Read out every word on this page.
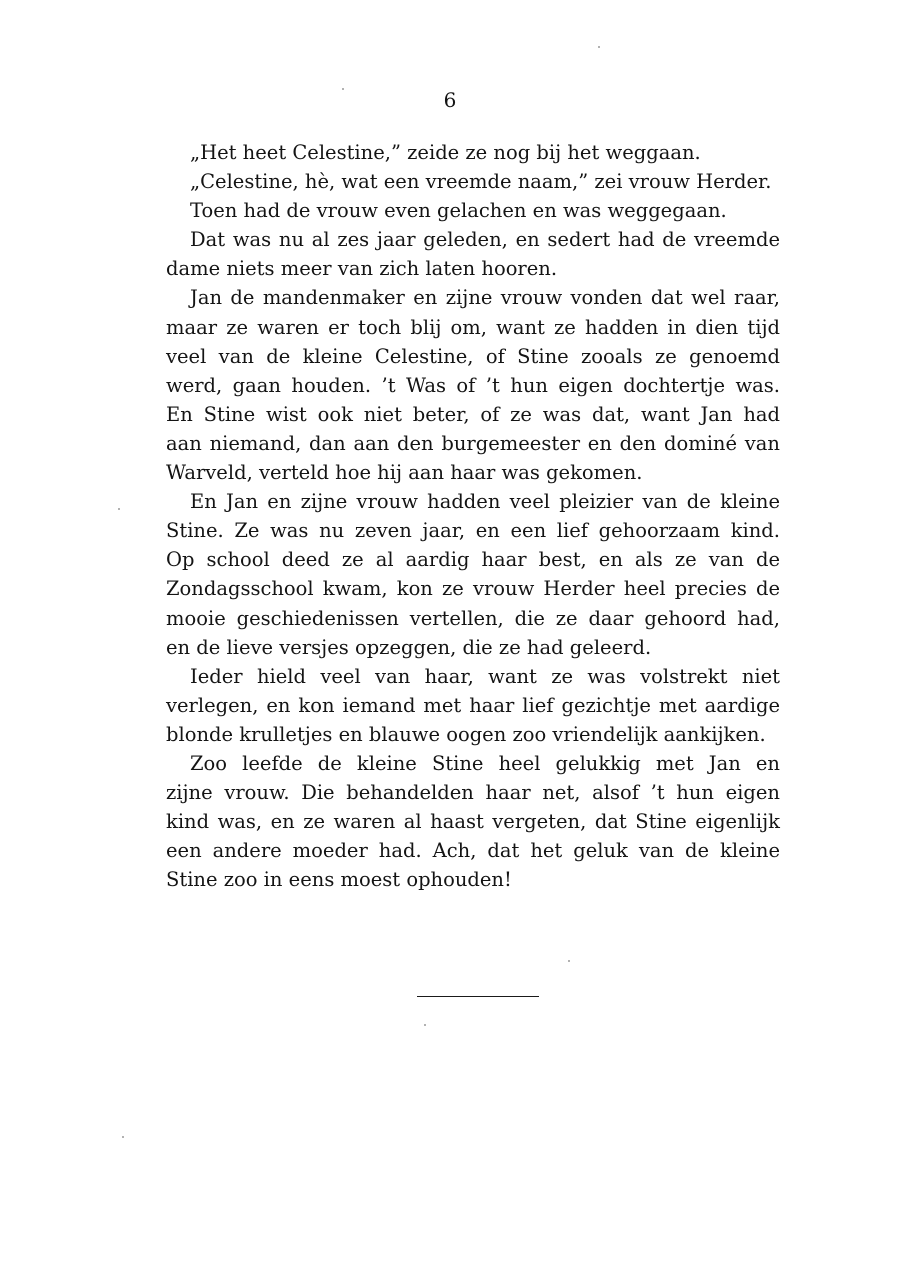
6

„Het heet Celestine,” zeide ze nog bij het weggaan.

„Celestine, hè, wat een vreemde naam,” zei vrouw Herder.

Toen had de vrouw even gelachen en was weggegaan.

Dat was nu al zes jaar geleden, en sedert had de vreemde
dame niets meer van zich laten hooren.

Jan de mandenmaker en zijne vrouw vonden dat wel raar,
maar ze waren er toch blij om, want ze hadden in dien tijd
veel van de kleine Celestine, of Stine zooals ze genoemd
werd, gaan houden. ’t Was of ’t hun eigen dochtertje was.
En Stine wist ook niet beter, of ze was dat, want Jan had
aan niemand, dan aan den burgemeester en den dominé van
Warveld, verteld hoe hij aan haar was gekomen.

En Jan en zijne vrouw hadden veel pleizier van de kleine
Stine. Ze was nu zeven jaar, en een lief gehoorzaam kind.
Op school deed ze al aardig haar best, en als ze van de
Zondagsschool kwam, kon ze vrouw Herder heel precies de
mooie geschiedenissen vertellen, die ze daar gehoord had,
en de lieve versjes opzeggen, die ze had geleerd.

Ieder hield veel van haar, want ze was volstrekt niet
verlegen, en kon iemand met haar lief gezichtje met aardige
blonde krulletjes en blauwe oogen zoo vriendelijk aankijken.

Zoo leefde de kleine Stine heel gelukkig met Jan en
zijne vrouw. Die behandelden haar net, alsof ’t hun eigen
kind was, en ze waren al haast vergeten, dat Stine eigenlijk
een andere moeder had. Ach, dat het geluk van de kleine
Stine zoo in eens moest ophouden!
